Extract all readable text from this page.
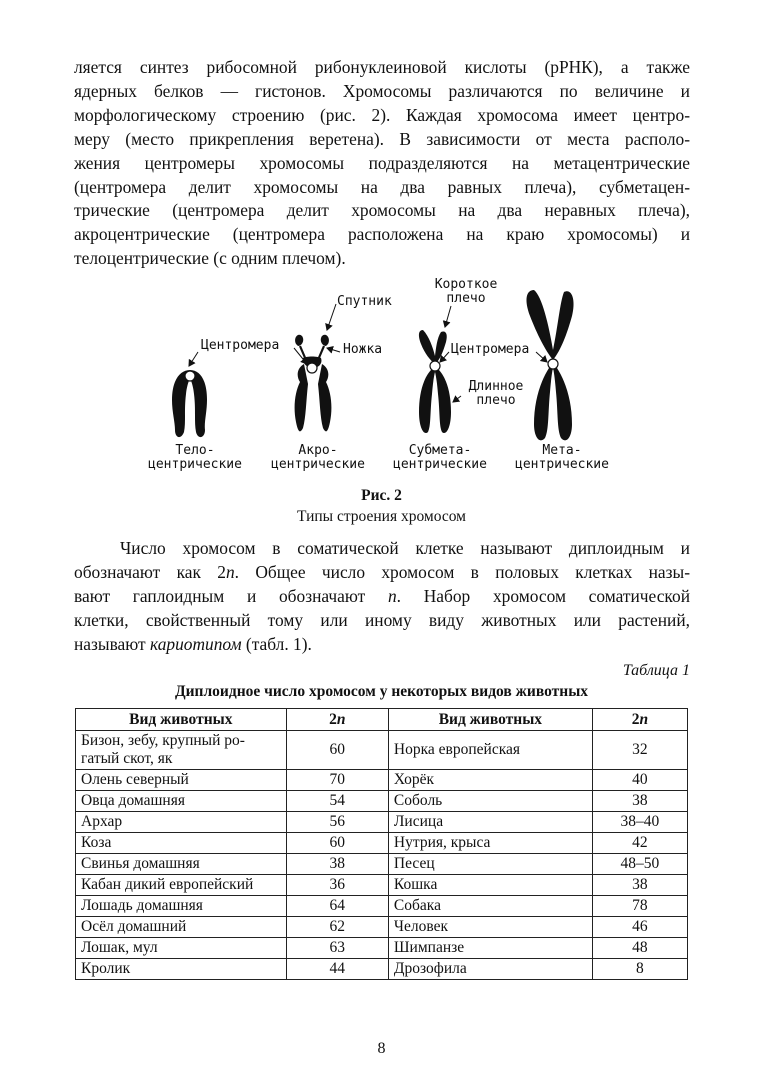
ляется синтез рибосомной рибонуклеиновой кислоты (рРНК), а также
ядерных белков — гистонов. Хромосомы различаются по величине и
морфологическому строению (рис. 2). Каждая хромосома имеет центро-
меру (место прикрепления веретена). В зависимости от места располо-
жения центромеры хромосомы подразделяются на метацентрические
(центромера делит хромосомы на два равных плеча), субметацен-
трические (центромера делит хромосомы на два неравных плеча),
акроцентрические (центромера расположена на краю хромосомы) и
телоцентрические (с одним плечом).
Центромера
Спутник
Ножка
Короткое
плечо
Центромера
Длинное
плечо
Тело-
центрические
Акро-
центрические
Субмета-
центрические
Мета-
центрические
Рис. 2
Типы строения хромосом
Число хромосом в соматической клетке называют диплоидным и
обозначают как 2n. Общее число хромосом в половых клетках назы-
вают гаплоидным и обозначают n. Набор хромосом соматической
клетки, свойственный тому или иному виду животных или растений,
называют кариотипом (табл. 1).
Таблица 1
Диплоидное число хромосом у некоторых видов животных
Вид животных	2n	Вид животных	2n
Бизон, зебу, крупный ро-гатый скот, як	60	Норка европейская	32
Олень северный	70	Хорёк	40
Овца домашняя	54	Соболь	38
Архар	56	Лисица	38–40
Коза	60	Нутрия, крыса	42
Свинья домашняя	38	Песец	48–50
Кабан дикий европейский	36	Кошка	38
Лошадь домашняя	64	Собака	78
Осёл домашний	62	Человек	46
Лошак, мул	63	Шимпанзе	48
Кролик	44	Дрозофила	8
8
